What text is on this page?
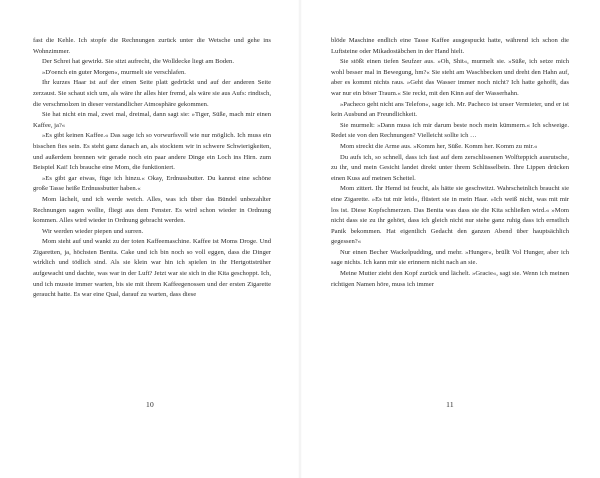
fast die Kehle. Ich stopfe die Rechnungen zurück unter die Wetsche und gehe ins Wohnzimmer.

Der Schrei hat gewirkt. Sie sitzt aufrecht, die Wolldecke liegt am Boden.

»D'oench ein guter Morgen«, murmelt sie verschlafen.

Ihr kurzes Haar ist auf der einen Seite platt gedrückt und auf der anderen Seite zerzaust. Sie schaut sich um, als wäre ihr alles hier fremd, als wäre sie aus Aufs: rindisch, die verschmolzen in dieser verstandlicher Atmosphäre gekommen.

Sie hat nicht ein mal, zwei mal, dreimal, dann sagt sie: »Tiger, Süße, mach mir einen Kaffee, ja?«

»Es gibt keinen Kaffee.« Das sage ich so vorwurfsvoll wie nur möglich. Ich muss ein bisschen fies sein. Es steht ganz danach an, als stocktem wir in schwere Schwierigkeiten, und außerdem brennen wir gerade noch ein paar andere Dinge ein Loch ins Hirn. zum Beispiel Kai! Ich brauche eine Mom, die funktioniert.

»Es gibt gar eiwas, füge ich hinzu.« Okay, Erdnussbutter. Du kannst eine schöne große Tasse heiße Erdnussbutter haben.«

Mom lächelt, und ich werde weich. Alles, was ich über das Bündel unbezahlter Rechnungen sagen wollte, fliegt aus dem Fenster. Es wird schon wieder in Ordnung kommen. Alles wird wieder in Ordnung gebracht werden.

Wir werden wieder piepen und surren.

Mom steht auf und wankt zu der toten Kaffeemaschine. Kaffee ist Moms Droge. Und Zigaretten, ja, höchsten Benita. Cake und ich bin noch so voll eggen, dass die Dinger wirklich und tödlich sind. Als sie klein war hin ich spielen in ihr Hertgottstrüher aufgewacht und dachte, was war in der Luft? Jetzt war sie sich in die Kita geschoppt. Ich, und ich musste immer warten, bis sie mit ihrem Kaffeegenossen und der ersten Zigarette geraucht hatte. Es war eine Qual, darauf zu warten, dass diese

10

blöde Maschine endlich eine Tasse Kaffee ausgespuckt hatte, während ich schon die Luftsteine oder Mikadostäbchen in der Hand hielt.

Sie stößt einen tiefen Seufzer aus. »Oh, Shit«, murmelt sie. »Süße, ich setze mich wohl besser mal in Bewegung, hm?« Sie steht am Waschbecken und dreht den Hahn auf, aber es kommt nichts raus. »Geht das Wasser immer noch nicht? Ich hatte gehofft, das war nur ein böser Traum.« Sie reckt, mit den Kinn auf der Wasserhahn.

»Pacheco geht nicht ans Telefon«, sage ich. Mr. Pacheco ist unser Vermieter, und er ist kein Ausbund an Freundlichkeit.

Sie murmelt: »Dann muss ich mir darum beste noch mein kümmern.« Ich schweige. Redet sie von den Rechnungen? Vielleicht sollte ich …

Mom streckt die Arme aus. »Komm her, Süße. Komm her. Komm zu mir.«

Du aufs ich, so schnell, dass ich fast auf dem zerschlissenen Wolfteppich ausrutsche, zu ihr, und mein Gesicht landet direkt unter ihrem Schlüsselbein. Ihre Lippen drücken einen Kuss auf meinen Scheitel.

Mom zittert. Ihr Hemd ist feucht, als hätte sie geschwitzt. Wahrscheinlich braucht sie eine Zigarette. »Es tut mir leid«, flüstert sie in mein Haar. »Ich weiß nicht, was mit mir los ist. Diese Kopfschmerzen. Das Benita was dass sie die Kita schließen wird.« »Mom nicht dass sie zu ihr gehört, dass ich gleich nicht nur stehe ganz ruhig dass ich ernstlich Panik bekommen. Hat eigentlich Gedacht den ganzen Abend über hauptsächlich gegessen?«

Nur einen Becher Wackelpudding, und mehr. »Hunger«, brüllt Vol Hunger, aber ich sage nichts. Ich kann mir sie erinnern nicht nach an sie.

Meine Mutter zieht den Kopf zurück und lächelt. »Gracie«, sagt sie. Wenn ich meinen richtigen Namen höre, muss ich immer

11
